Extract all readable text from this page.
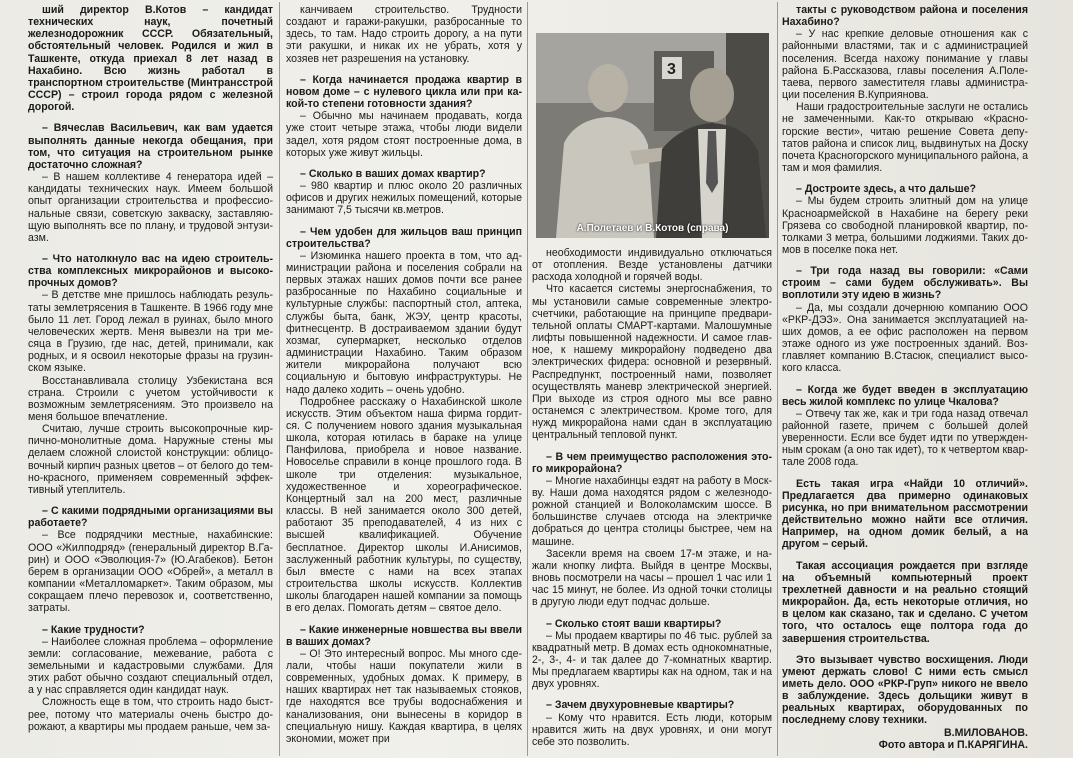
ший директор В.Котов – кандидат технических наук, почетный железнодорожник СССР. Обязательный, обстоятельный человек. Родился и жил в Ташкенте, откуда приехал 8 лет назад в Нахабино. Всю жизнь работал в транспортном строительстве (Минтрансстрой СССР) – строил города рядом с железной дорогой.

– Вячеслав Васильевич, как вам удается выполнять данные некогда обещания, при том, что ситуация на строительном рынке достаточно сложная?

– В нашем коллективе 4 генератора идей – кандидаты технических наук. Имеем большой опыт организации строительства и профессиональные связи, советскую закваску, заставляющую выполнять все по плану, и трудовой энтузиазм.

– Что натолкнуло вас на идею строительства комплексных микрорайонов и высокопрочных домов?

– В детстве мне пришлось наблюдать результаты землетрясения в Ташкенте. В 1966 году мне было 11 лет. Город лежал в руинах, было много человеческих жертв. Меня вывезли на три месяца в Грузию, где нас, детей, принимали, как родных, и я освоил некоторые фразы на грузинском языке.

Восстанавливала столицу Узбекистана вся страна. Строили с учетом устойчивости к возможным землетрясениям. Это произвело на меня большое впечатление.

Считаю, лучше строить высокопрочные кирпично-монолитные дома. Наружные стены мы делаем сложной слоистой конструкции: облицовочный кирпич разных цветов – от белого до темно-красного, применяем современный эффективный утеплитель.

– С какими подрядными организациями вы работаете?

– Все подрядчики местные, нахабинские: ООО «Жилподряд» (генеральный директор В.Гарин) и ООО «Эволюция-7» (Ю.Агабеков). Бетон берем в организации ООО «Обрей», а металл в компании «Металломаркет». Таким образом, мы сокращаем плечо перевозок и, соответственно, затраты.

– Какие трудности?

– Наиболее сложная проблема – оформление земли: согласование, межевание, работа с земельными и кадастровыми службами. Для этих работ обычно создают специальный отдел, а у нас справляется один кандидат наук.

Сложность еще в том, что строить надо быстрее, потому что материалы очень быстро дорожают, а квартиры мы продаем раньше, чем за-

канчиваем строительство. Трудности создают и гаражи-ракушки, разбросанные то здесь, то там. Надо строить дорогу, а на пути эти ракушки, и никак их не убрать, хотя у хозяев нет разрешения на установку.

– Когда начинается продажа квартир в новом доме – с нулевого цикла или при какой-то степени готовности здания?

– Обычно мы начинаем продавать, когда уже стоит четыре этажа, чтобы люди видели задел, хотя рядом стоят построенные дома, в которых уже живут жильцы.

– Сколько в ваших домах квартир?

– 980 квартир и плюс около 20 различных офисов и других нежилых помещений, которые занимают 7,5 тысячи кв.метров.

– Чем удобен для жильцов ваш принцип строительства?

– Изюминка нашего проекта в том, что администрации района и поселения собрали на первых этажах наших домов почти все ранее разбросанные по Нахабино социальные и культурные службы: паспортный стол, аптека, службы быта, банк, ЖЭУ, центр красоты, фитнесцентр. В достраиваемом здании будут хозмаг, супермаркет, несколько отделов администрации Нахабино. Таким образом жители микрорайона получают всю социальную и бытовую инфраструктуры. Не надо далеко ходить – очень удобно.

Подробнее расскажу о Нахабинской школе искусств. Этим объектом наша фирма гордится. С получением нового здания музыкальная школа, которая ютилась в бараке на улице Панфилова, приобрела и новое название. Новоселье справили в конце прошлого года. В школе три отделения: музыкальное, художественное и хореографическое. Концертный зал на 200 мест, различные классы. В ней занимается около 300 детей, работают 35 преподавателей, 4 из них с высшей квалификацией. Обучение бесплатное. Директор школы И.Анисимов, заслуженный работник культуры, по существу, был вместе с нами на всех этапах строительства школы искусств. Коллектив школы благодарен нашей компании за помощь в его делах. Помогать детям – святое дело.

– Какие инженерные новшества вы ввели в ваших домах?

– О! Это интересный вопрос. Мы много сделали, чтобы наши покупатели жили в современных, удобных домах. К примеру, в наших квартирах нет так называемых стояков, где находятся все трубы водоснабжения и канализования, они вынесены в коридор в специальную нишу. Каждая квартира, в целях экономии, может при

необходимости индивидуально отключаться от отопления. Везде установлены датчики расхода холодной и горячей воды.

Что касается системы энергоснабжения, то мы установили самые современные электросчетчики, работающие на принципе предварительной оплаты СМАРТ-картами. Малошумные лифты повышенной надежности. И самое главное, к нашему микрорайону подведено два электрических фидера: основной и резервный. Распредпункт, построенный нами, позволяет осуществлять маневр электрической энергией. При выходе из строя одного мы все равно останемся с электричеством. Кроме того, для нужд микрорайона нами сдан в эксплуатацию центральный тепловой пункт.

– В чем преимущество расположения этого микрорайона?

– Многие нахабинцы ездят на работу в Москву. Наши дома находятся рядом с железнодорожной станцией и Волоколамским шоссе. В большинстве случаев отсюда на электричке добраться до центра столицы быстрее, чем на машине.

Засекли время на своем 17-м этаже, и нажали кнопку лифта. Выйдя в центре Москвы, вновь посмотрели на часы – прошел 1 час или 1 час 15 минут, не более. Из одной точки столицы в другую люди едут подчас дольше.

– Сколько стоят ваши квартиры?

– Мы продаем квартиры по 46 тыс. рублей за квадратный метр. В домах есть однокомнатные, 2-, 3-, 4- и так далее до 7-комнатных квартир. Мы предлагаем квартиры как на одном, так и на двух уровнях.

– Зачем двухуровневые квартиры?

– Кому что нравится. Есть люди, которым нравится жить на двух уровнях, и они могут себе это позволить.

3
А.Полетаев и В.Котов (справа)

такты с руководством района и поселения Нахабино?

– У нас крепкие деловые отношения как с районными властями, так и с администрацией поселения. Всегда нахожу понимание у главы района Б.Рассказова, главы поселения А.Полетаева, первого заместителя главы администрации поселения В.Куприянова.

Наши градостроительные заслуги не остались не замеченными. Как-то открываю «Красногорские вести», читаю решение Совета депутатов района и список лиц, выдвинутых на Доску почета Красногорского муниципального района, а там и моя фамилия.

– Достроите здесь, а что дальше?

– Мы будем строить элитный дом на улице Красноармейской в Нахабине на берегу реки Грязева со свободной планировкой квартир, потолками 3 метра, большими лоджиями. Таких домов в поселке пока нет.

– Три года назад вы говорили: «Сами строим – сами будем обслуживать». Вы воплотили эту идею в жизнь?

– Да, мы создали дочернюю компанию ООО «РКР-ДЭЗ». Она занимается эксплуатацией наших домов, а ее офис расположен на первом этаже одного из уже построенных зданий. Возглавляет компанию В.Стасюк, специалист высокого класса.

– Когда же будет введен в эксплуатацию весь жилой комплекс по улице Чкалова?

– Отвечу так же, как и три года назад отвечал районной газете, причем с большей долей уверенности. Если все будет идти по утвержденным срокам (а оно так идет), то к четвертом квартале 2008 года.

Есть такая игра «Найди 10 отличий». Предлагается два примерно одинаковых рисунка, но при внимательном рассмотрении действительно можно найти все отличия. Например, на одном домик белый, а на другом – серый.

Такая ассоциация рождается при взгляде на объемный компьютерный проект трехлетней давности и на реально стоящий микрорайон. Да, есть некоторые отличия, но в целом как сказано, так и сделано. С учетом того, что осталось еще полтора года до завершения строительства.

Это вызывает чувство восхищения. Люди умеют держать слово! С ними есть смысл иметь дело. ООО «РКР-Груп» никого не ввело в заблуждение. Здесь дольщики живут в реальных квартирах, оборудованных по последнему слову техники.

В.МИЛОВАНОВ.

Фото автора и П.КАРЯГИНА.
